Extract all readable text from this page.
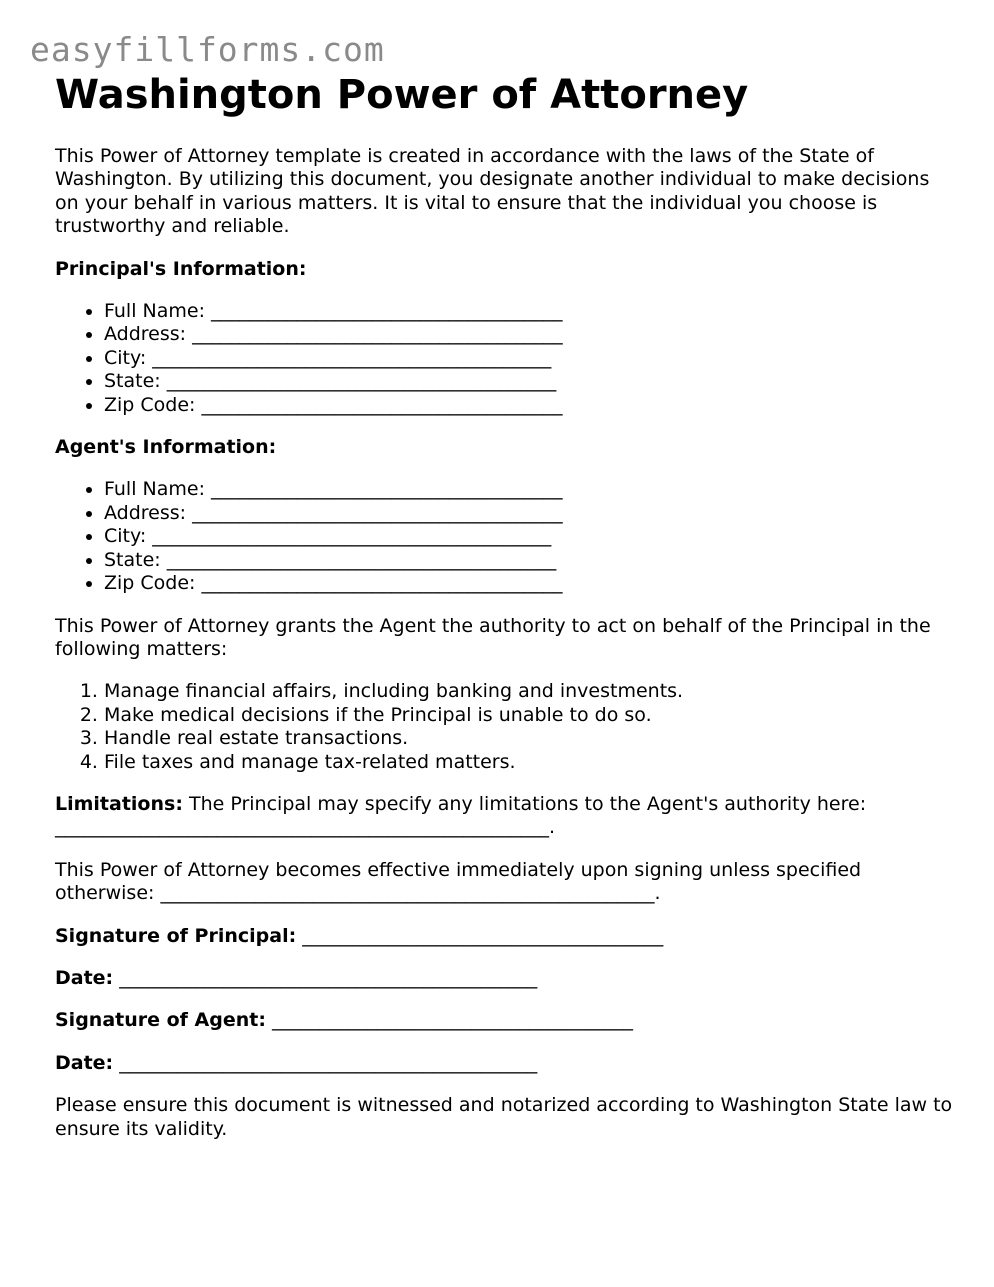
easyfillforms.com
Washington Power of Attorney

This Power of Attorney template is created in accordance with the laws of the State of Washington. By utilizing this document, you designate another individual to make decisions on your behalf in various matters. It is vital to ensure that the individual you choose is trustworthy and reliable.

Principal's Information:

• Full Name: _____________________________________
• Address: _______________________________________
• City: __________________________________________
• State: _________________________________________
• Zip Code: ______________________________________

Agent's Information:

• Full Name: _____________________________________
• Address: _______________________________________
• City: __________________________________________
• State: _________________________________________
• Zip Code: ______________________________________

This Power of Attorney grants the Agent the authority to act on behalf of the Principal in the following matters:

1. Manage financial affairs, including banking and investments.
2. Make medical decisions if the Principal is unable to do so.
3. Handle real estate transactions.
4. File taxes and manage tax-related matters.

Limitations: The Principal may specify any limitations to the Agent's authority here:
____________________________________________________.

This Power of Attorney becomes effective immediately upon signing unless specified
otherwise: ____________________________________________________.

Signature of Principal: ______________________________________

Date: ____________________________________________

Signature of Agent: ______________________________________

Date: ____________________________________________

Please ensure this document is witnessed and notarized according to Washington State law to ensure its validity.
